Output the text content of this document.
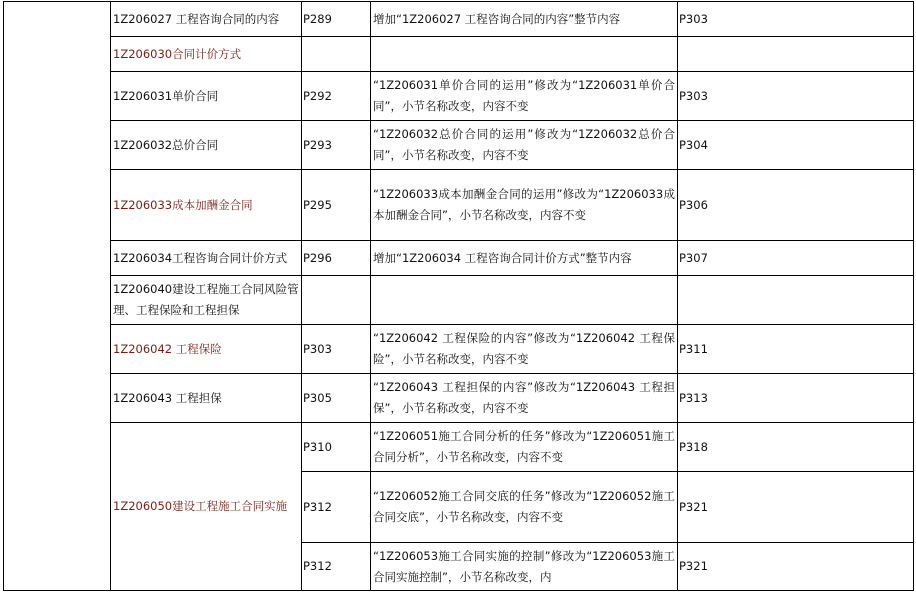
	1Z206027 工程咨询合同的内容	P289	增加“1Z206027 工程咨询合同的内容”整节内容	P303
	1Z206030合同计价方式			
	1Z206031单价合同	P292	“1Z206031单价合同的运用”修改为“1Z206031单价合同”，小节名称改变，内容不变	P303
	1Z206032总价合同	P293	“1Z206032总价合同的运用”修改为“1Z206032总价合同”，小节名称改变，内容不变	P304
	1Z206033成本加酬金合同	P295	“1Z206033成本加酬金合同的运用”修改为“1Z206033成本加酬金合同”，小节名称改变，内容不变	P306
	1Z206034工程咨询合同计价方式	P296	增加“1Z206034 工程咨询合同计价方式”整节内容	P307
	1Z206040建设工程施工合同风险管理、工程保险和工程担保			
	1Z206042 工程保险	P303	“1Z206042 工程保险的内容”修改为“1Z206042 工程保险”，小节名称改变，内容不变	P311
	1Z206043 工程担保	P305	“1Z206043 工程担保的内容”修改为“1Z206043 工程担保”，小节名称改变，内容不变	P313
	1Z206050建设工程施工合同实施	P310	“1Z206051施工合同分析的任务”修改为“1Z206051施工合同分析”，小节名称改变，内容不变	P318
		P312	“1Z206052施工合同交底的任务”修改为“1Z206052施工合同交底”，小节名称改变，内容不变	P321
		P312	“1Z206053施工合同实施的控制”修改为“1Z206053施工合同实施控制”，小节名称改变，内	P321
